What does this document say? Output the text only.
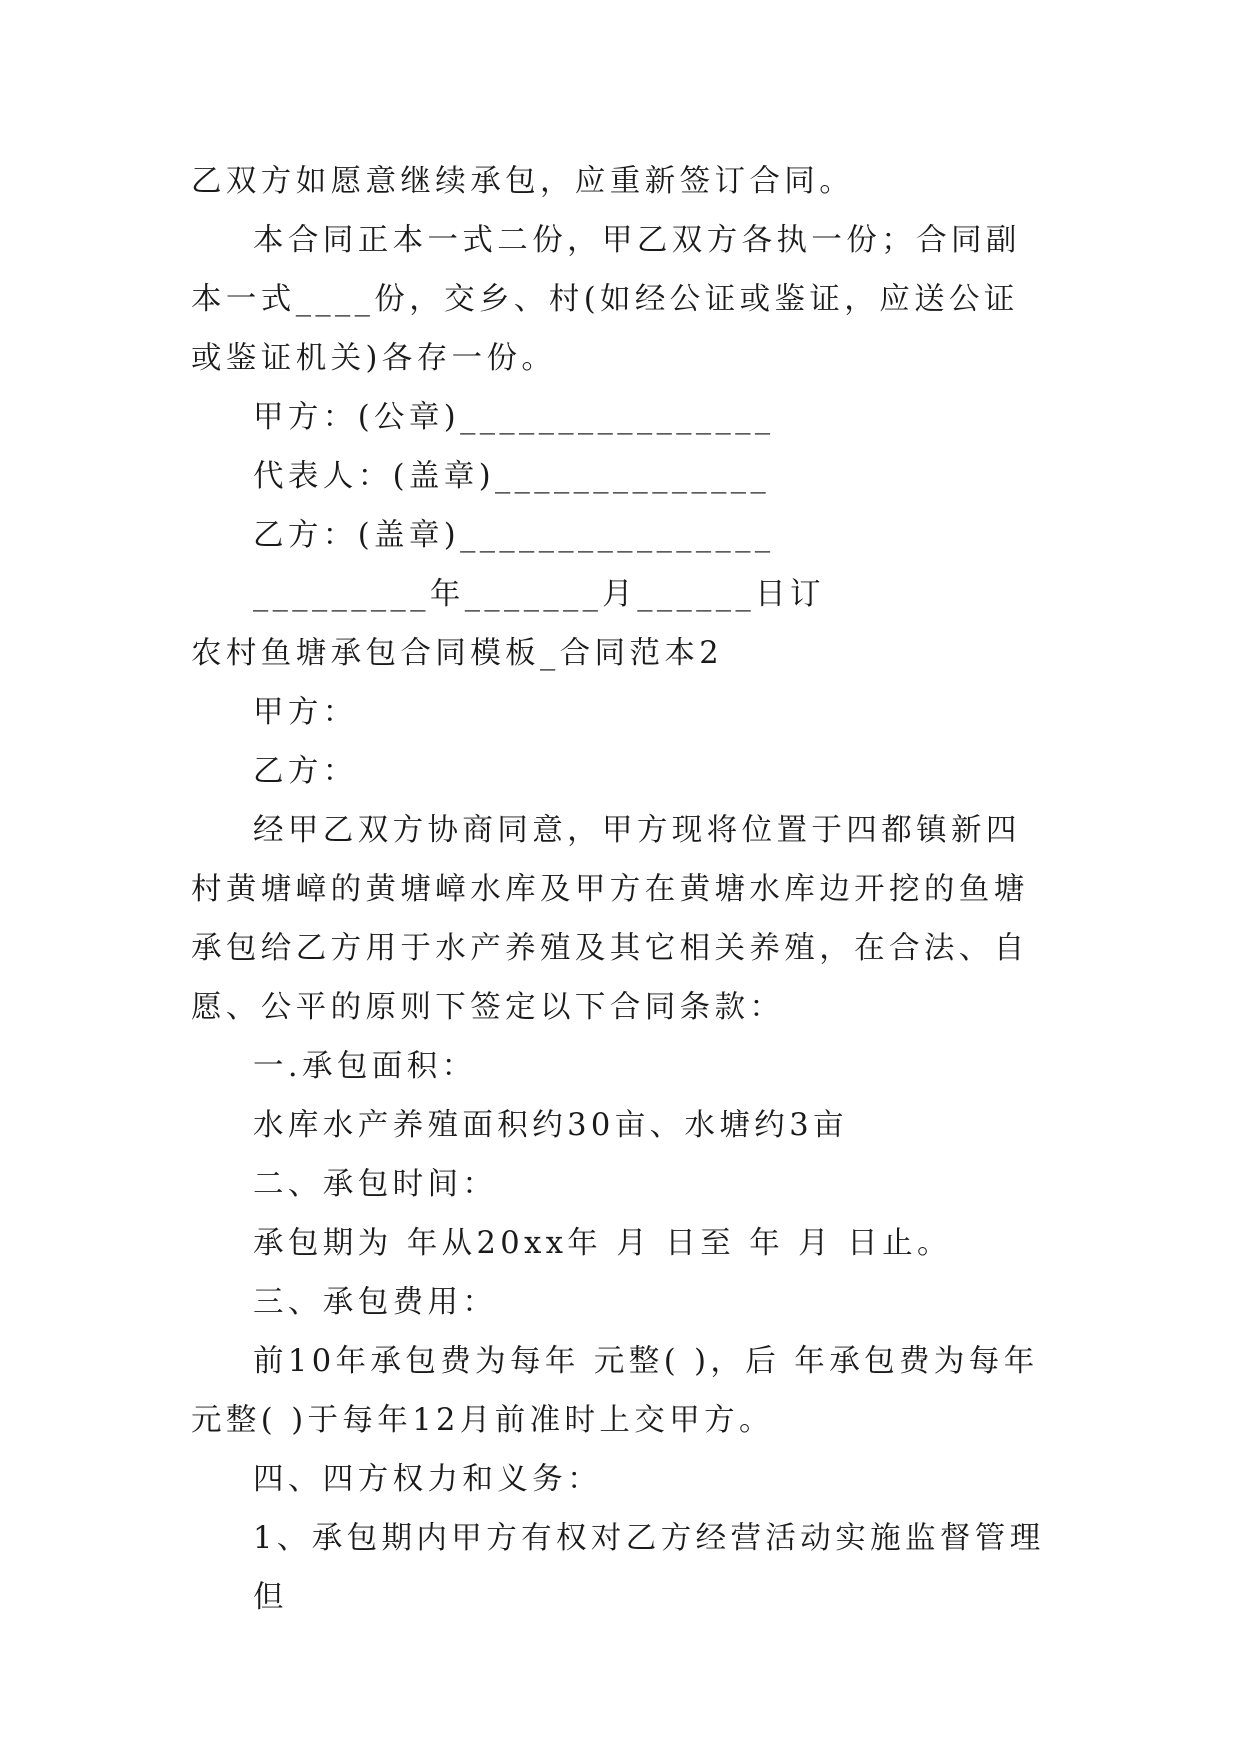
乙双方如愿意继续承包，应重新签订合同。

本合同正本一式二份，甲乙双方各执一份；合同副本一式____份，交乡、村(如经公证或鉴证，应送公证或鉴证机关)各存一份。

甲方：(公章)________________

代表人：(盖章)______________

乙方：(盖章)________________

_________年_______月______日订

农村鱼塘承包合同模板_合同范本2

甲方：

乙方：

经甲乙双方协商同意，甲方现将位置于四都镇新四村黄塘嶂的黄塘嶂水库及甲方在黄塘水库边开挖的鱼塘承包给乙方用于水产养殖及其它相关养殖，在合法、自愿、公平的原则下签定以下合同条款：

一.承包面积：

水库水产养殖面积约30亩、水塘约3亩

二、承包时间：

承包期为 年从20xx年 月 日至 年 月 日止。

三、承包费用：

前10年承包费为每年 元整( )，后 年承包费为每年元整( )于每年12月前准时上交甲方。

四、四方权力和义务：

1、承包期内甲方有权对乙方经营活动实施监督管理但
